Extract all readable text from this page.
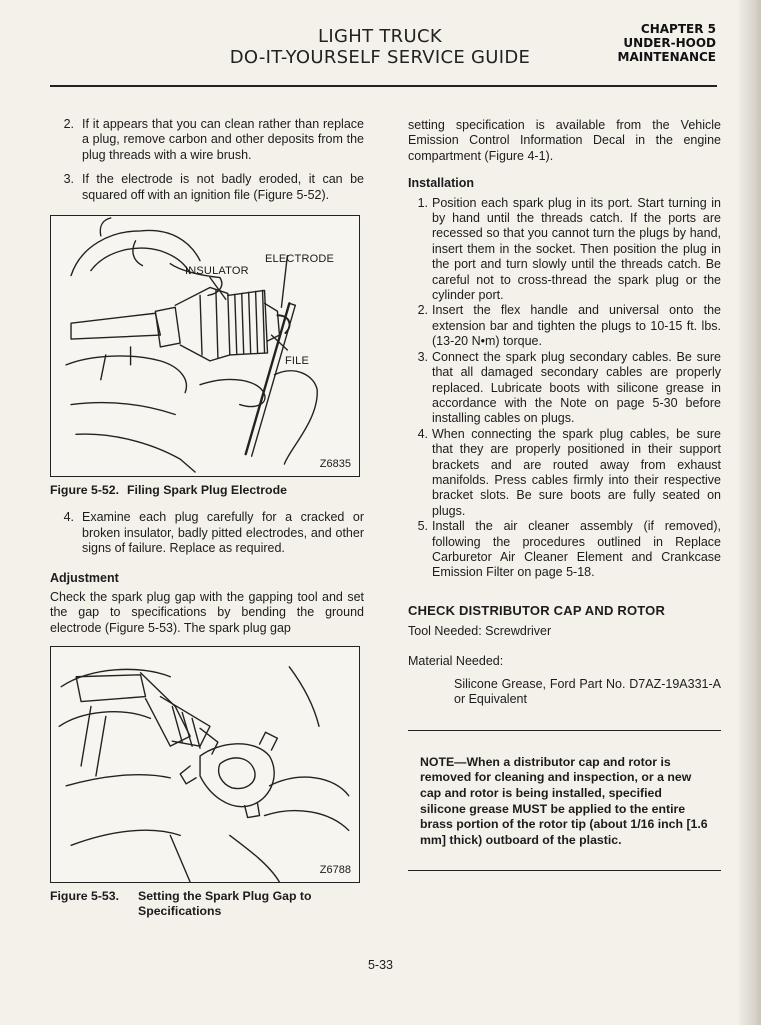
LIGHT TRUCK
DO-IT-YOURSELF SERVICE GUIDE
CHAPTER 5
UNDER-HOOD
MAINTENANCE
2. If it appears that you can clean rather than replace a plug, remove carbon and other deposits from the plug threads with a wire brush.
3. If the electrode is not badly eroded, it can be squared off with an ignition file (Figure 5-52).
ELECTRODE
INSULATOR
FILE
Z6835
Figure 5-52. Filing Spark Plug Electrode
4. Examine each plug carefully for a cracked or broken insulator, badly pitted electrodes, and other signs of failure. Replace as required.
Adjustment

Check the spark plug gap with the gapping tool and set the gap to specifications by bending the ground electrode (Figure 5-53). The spark plug gap

Z6788
Figure 5-53.	Setting the Spark Plug Gap to Specifications

setting specification is available from the Vehicle Emission Control Information Decal in the engine compartment (Figure 4-1).

Installation
1. Position each spark plug in its port. Start turning in by hand until the threads catch. If the ports are recessed so that you cannot turn the plugs by hand, insert them in the socket. Then position the plug in the port and turn slowly until the threads catch. Be careful not to cross-thread the spark plug or the cylinder port.
2. Insert the flex handle and universal onto the extension bar and tighten the plugs to 10-15 ft. lbs. (13-20 N•m) torque.
3. Connect the spark plug secondary cables. Be sure that all damaged secondary cables are properly replaced. Lubricate boots with silicone grease in accordance with the Note on page 5-30 before installing cables on plugs.
4. When connecting the spark plug cables, be sure that they are properly positioned in their support brackets and are routed away from exhaust manifolds. Press cables firmly into their respective bracket slots. Be sure boots are fully seated on plugs.
5. Install the air cleaner assembly (if removed), following the procedures outlined in Replace Carburetor Air Cleaner Element and Crankcase Emission Filter on page 5-18.
CHECK DISTRIBUTOR CAP AND ROTOR

Tool Needed: Screwdriver

Material Needed:

Silicone Grease, Ford Part No. D7AZ-19A331-A or Equivalent

NOTE—When a distributor cap and rotor is removed for cleaning and inspection, or a new cap and rotor is being installed, specified silicone grease MUST be applied to the entire brass portion of the rotor tip (about 1/16 inch [1.6 mm] thick) outboard of the plastic.

5-33
